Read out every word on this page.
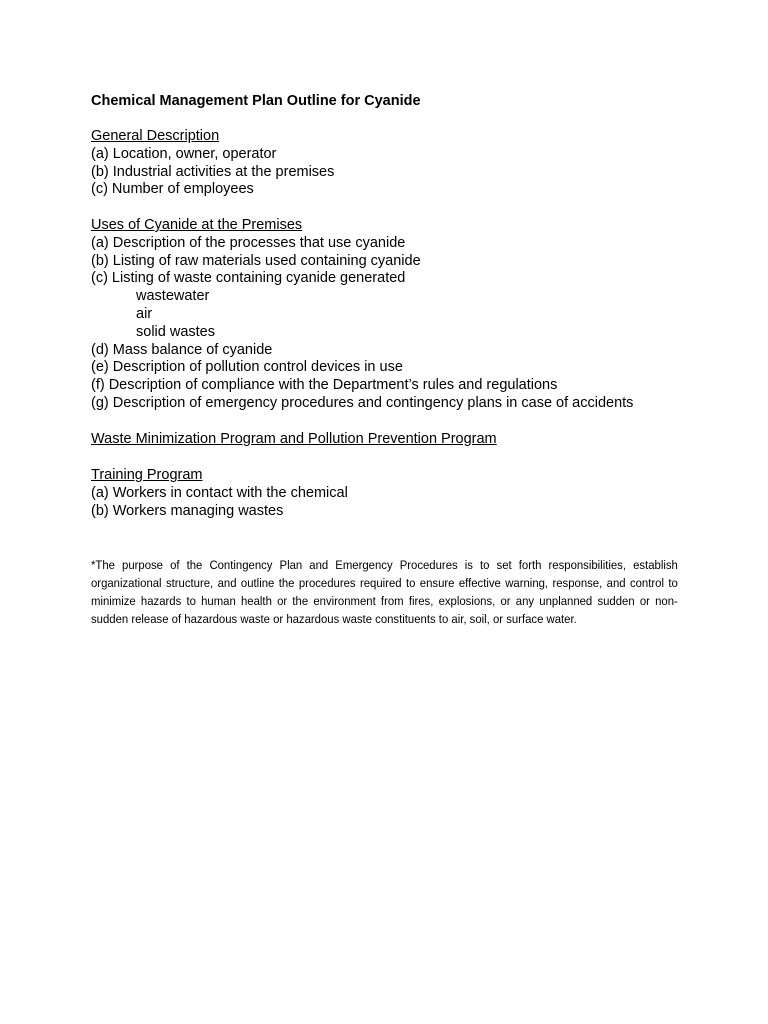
Chemical Management Plan Outline for Cyanide
General Description
(a) Location, owner, operator
(b) Industrial activities at the premises
(c) Number of employees
Uses of Cyanide at the Premises
(a) Description of the processes that use cyanide
(b) Listing of raw materials used containing cyanide
(c) Listing of waste containing cyanide generated
wastewater
air
solid wastes
(d) Mass balance of cyanide
(e) Description of pollution control devices in use
(f) Description of compliance with the Department’s rules and regulations
(g) Description of emergency procedures and contingency plans in case of accidents
Waste Minimization Program and Pollution Prevention Program
Training Program
(a) Workers in contact with the chemical
(b) Workers managing wastes
*The purpose of the Contingency Plan and Emergency Procedures is to set forth responsibilities, establish organizational structure, and outline the procedures required to ensure effective warning, response, and control to minimize hazards to human health or the environment from fires, explosions, or any unplanned sudden or non-sudden release of hazardous waste or hazardous waste constituents to air, soil, or surface water.
